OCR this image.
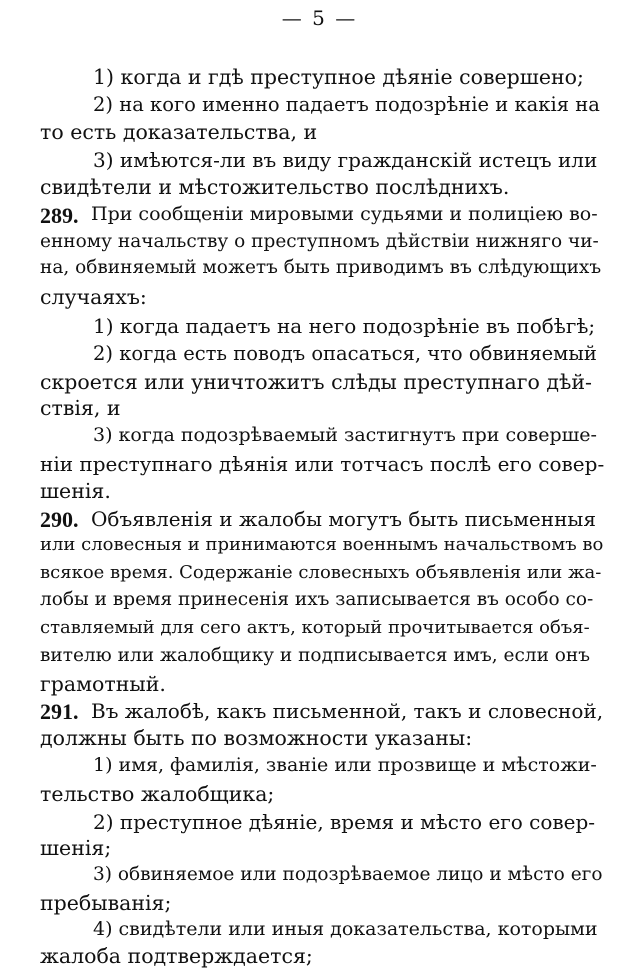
— 5 —
1) когда и гдѣ преступное дѣяніе совершено;
2) на кого именно падаетъ подозрѣніе и какія на
то есть доказательства, и
3) имѣются-ли въ виду гражданскій истецъ или
свидѣтели и мѣстожительство послѣднихъ.
289. При сообщеніи мировыми судьями и полиціею во-
енному начальству о преступномъ дѣйствіи нижняго чи-
на, обвиняемый можетъ быть приводимъ въ слѣдующихъ
случаяхъ:
1) когда падаетъ на него подозрѣніе въ побѣгѣ;
2) когда есть поводъ опасаться, что обвиняемый
скроется или уничтожитъ слѣды преступнаго дѣй-
ствія, и
3) когда подозрѣваемый застигнутъ при соверше-
ніи преступнаго дѣянія или тотчасъ послѣ его совер-
шенія.
290. Объявленія и жалобы могутъ быть письменныя
или словесныя и принимаются военнымъ начальствомъ во
всякое время. Содержаніе словесныхъ объявленія или жа-
лобы и время принесенія ихъ записывается въ особо со-
ставляемый для сего актъ, который прочитывается объя-
вителю или жалобщику и подписывается имъ, если онъ
грамотный.
291. Въ жалобѣ, какъ письменной, такъ и словесной,
должны быть по возможности указаны:
1) имя, фамилія, званіе или прозвище и мѣстожи-
тельство жалобщика;
2) преступное дѣяніе, время и мѣсто его совер-
шенія;
3) обвиняемое или подозрѣваемое лицо и мѣсто его
пребыванія;
4) свидѣтели или иныя доказательства, которыми
жалоба подтверждается;
